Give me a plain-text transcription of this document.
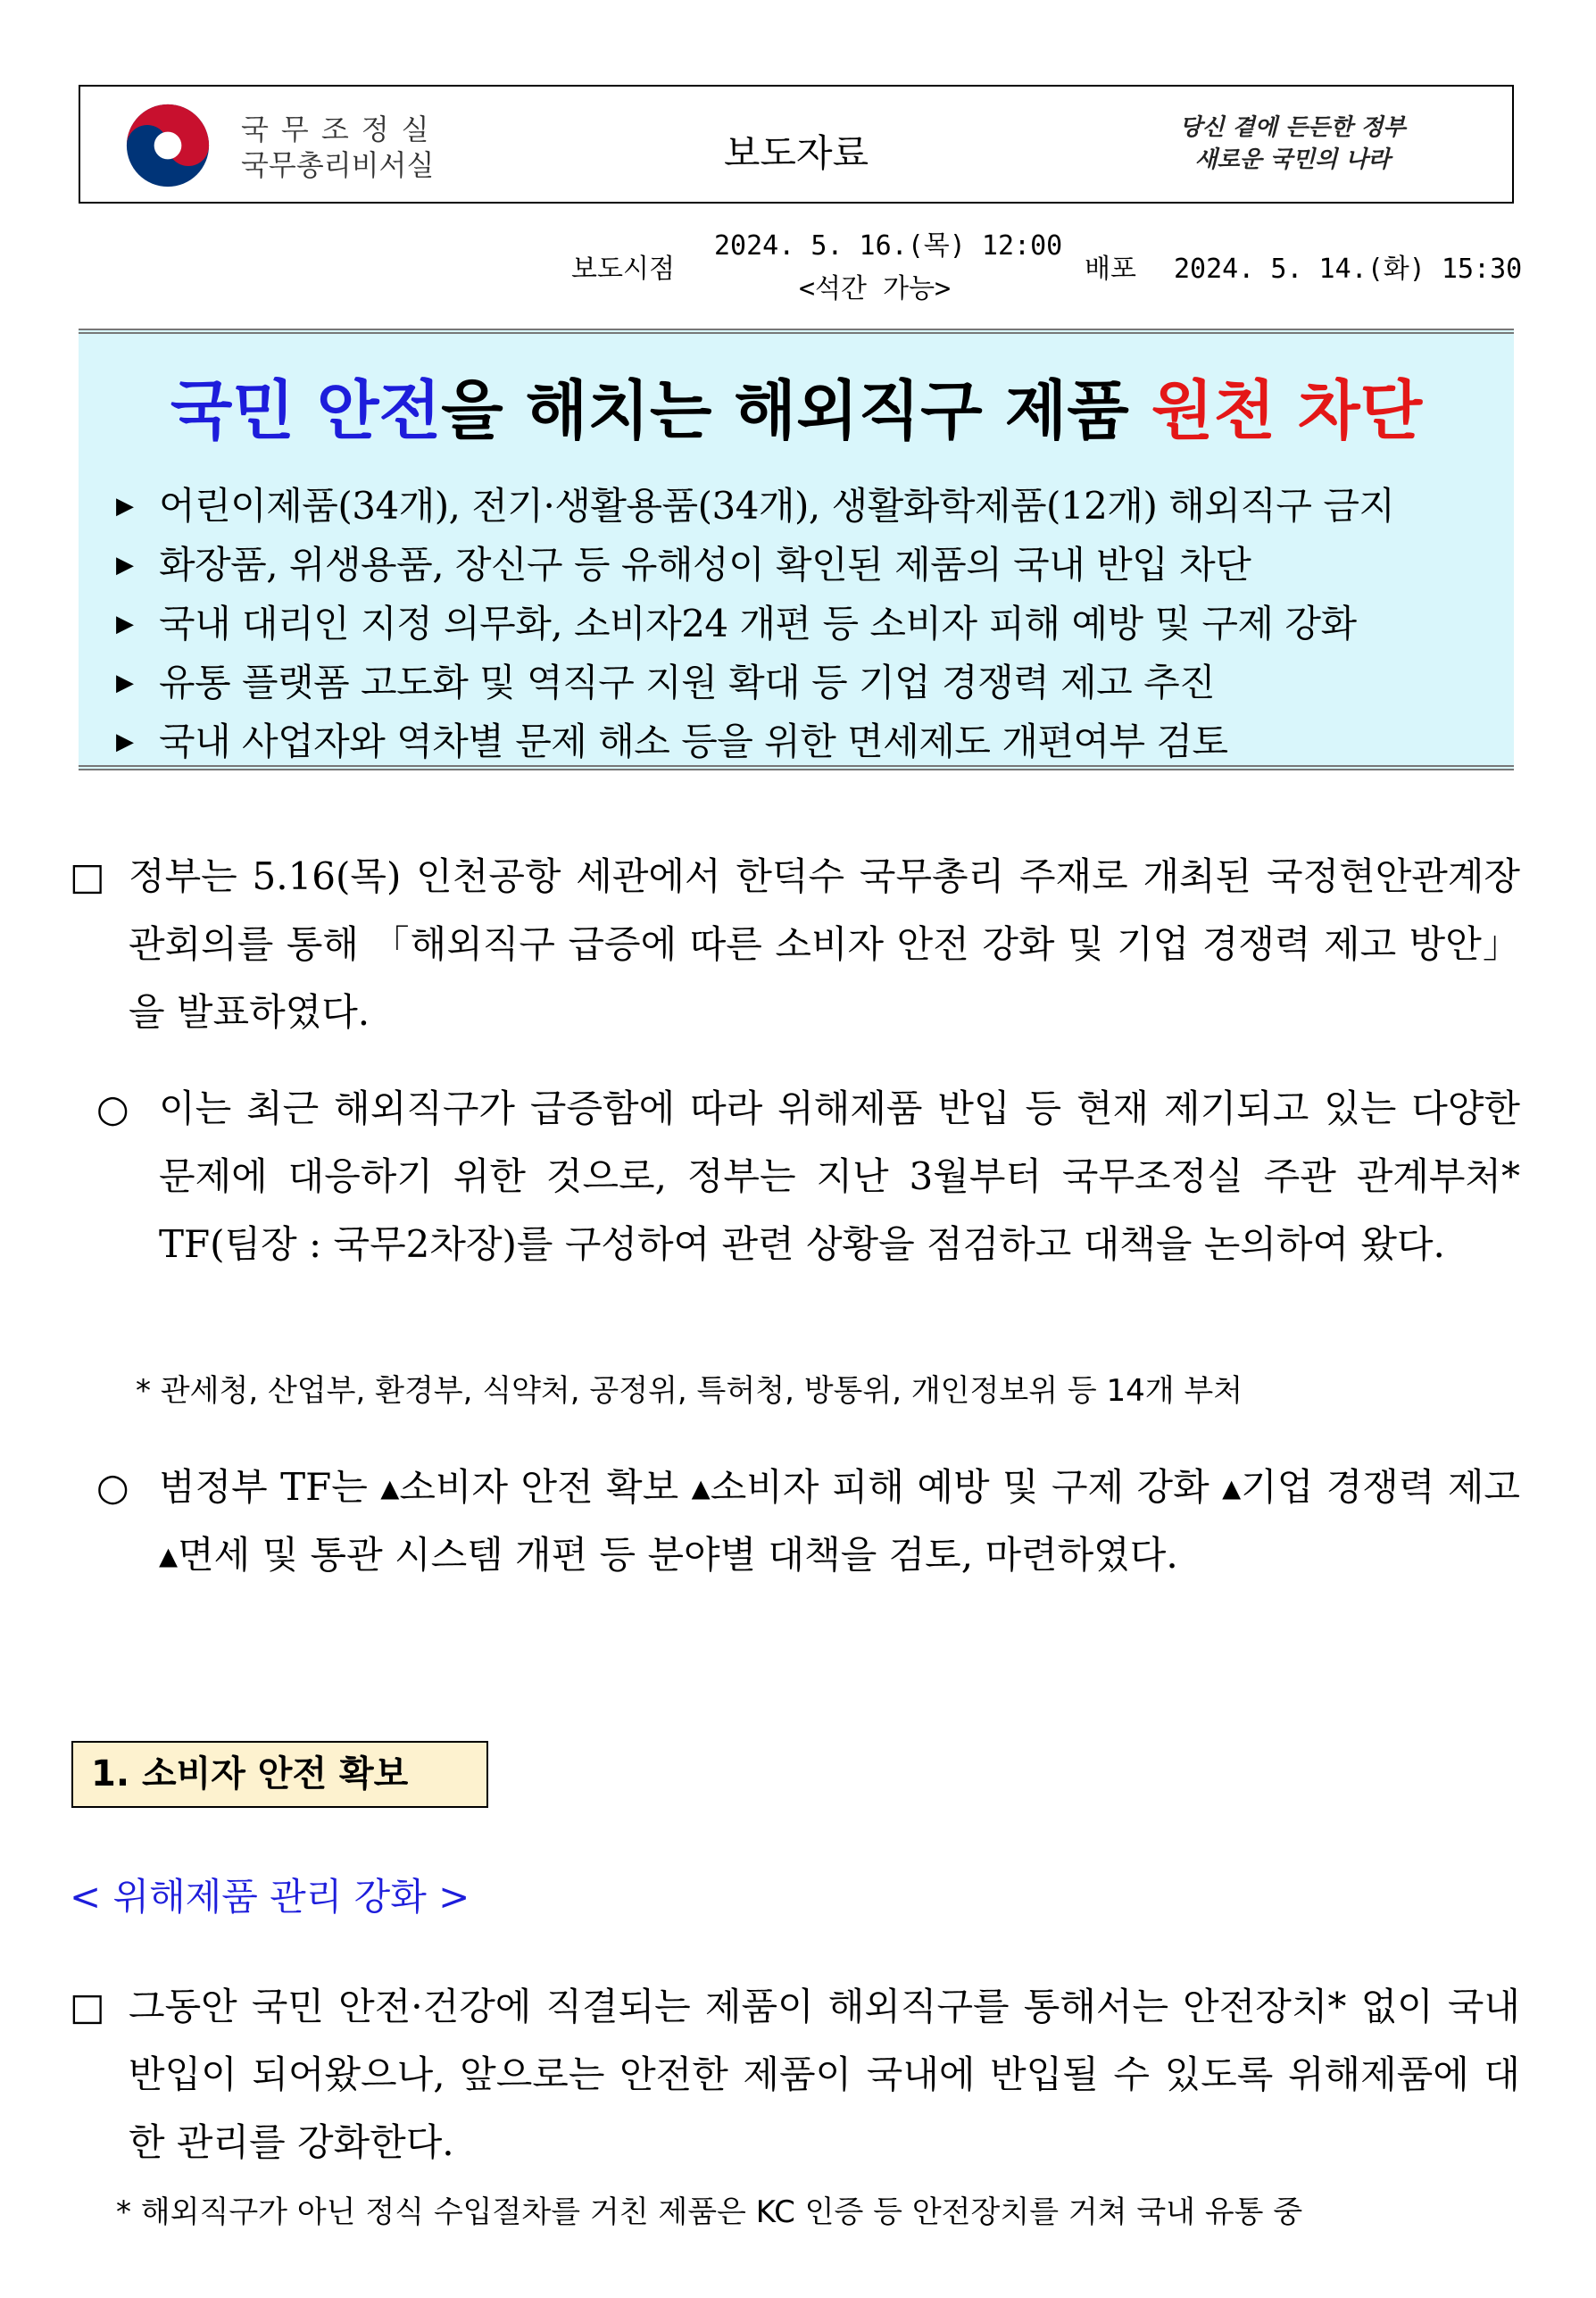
국무조정실
국무총리비서실	보도자료
당신 곁에 든든한 정부
새로운 국민의 나라
보도시점
2024. 5. 16.(목) 12:00
<석간 가능>
배포 2024. 5. 14.(화) 15:30
국민 안전을 해치는 해외직구 제품 원천 차단
▶ 어린이제품(34개), 전기·생활용품(34개), 생활화학제품(12개) 해외직구 금지
▶ 화장품, 위생용품, 장신구 등 유해성이 확인된 제품의 국내 반입 차단
▶ 국내 대리인 지정 의무화, 소비자24 개편 등 소비자 피해 예방 및 구제 강화
▶ 유통 플랫폼 고도화 및 역직구 지원 확대 등 기업 경쟁력 제고 추진
▶ 국내 사업자와 역차별 문제 해소 등을 위한 면세제도 개편여부 검토
□ 정부는 5.16(목) 인천공항 세관에서 한덕수 국무총리 주재로 개최된 국정현안관계장관회의를 통해 「해외직구 급증에 따른 소비자 안전 강화 및 기업 경쟁력 제고 방안」을 발표하였다.
○ 이는 최근 해외직구가 급증함에 따라 위해제품 반입 등 현재 제기되고 있는 다양한 문제에 대응하기 위한 것으로, 정부는 지난 3월부터 국무조정실 주관 관계부처* TF(팀장 : 국무2차장)를 구성하여 관련 상황을 점검하고 대책을 논의하여 왔다.
* 관세청, 산업부, 환경부, 식약처, 공정위, 특허청, 방통위, 개인정보위 등 14개 부처
○ 범정부 TF는 ▴소비자 안전 확보 ▴소비자 피해 예방 및 구제 강화 ▴기업 경쟁력 제고 ▴면세 및 통관 시스템 개편 등 분야별 대책을 검토, 마련하였다.
1. 소비자 안전 확보
< 위해제품 관리 강화 >
□ 그동안 국민 안전·건강에 직결되는 제품이 해외직구를 통해서는 안전장치* 없이 국내 반입이 되어왔으나, 앞으로는 안전한 제품이 국내에 반입될 수 있도록 위해제품에 대한 관리를 강화한다.
* 해외직구가 아닌 정식 수입절차를 거친 제품은 KC 인증 등 안전장치를 거쳐 국내 유통 중
